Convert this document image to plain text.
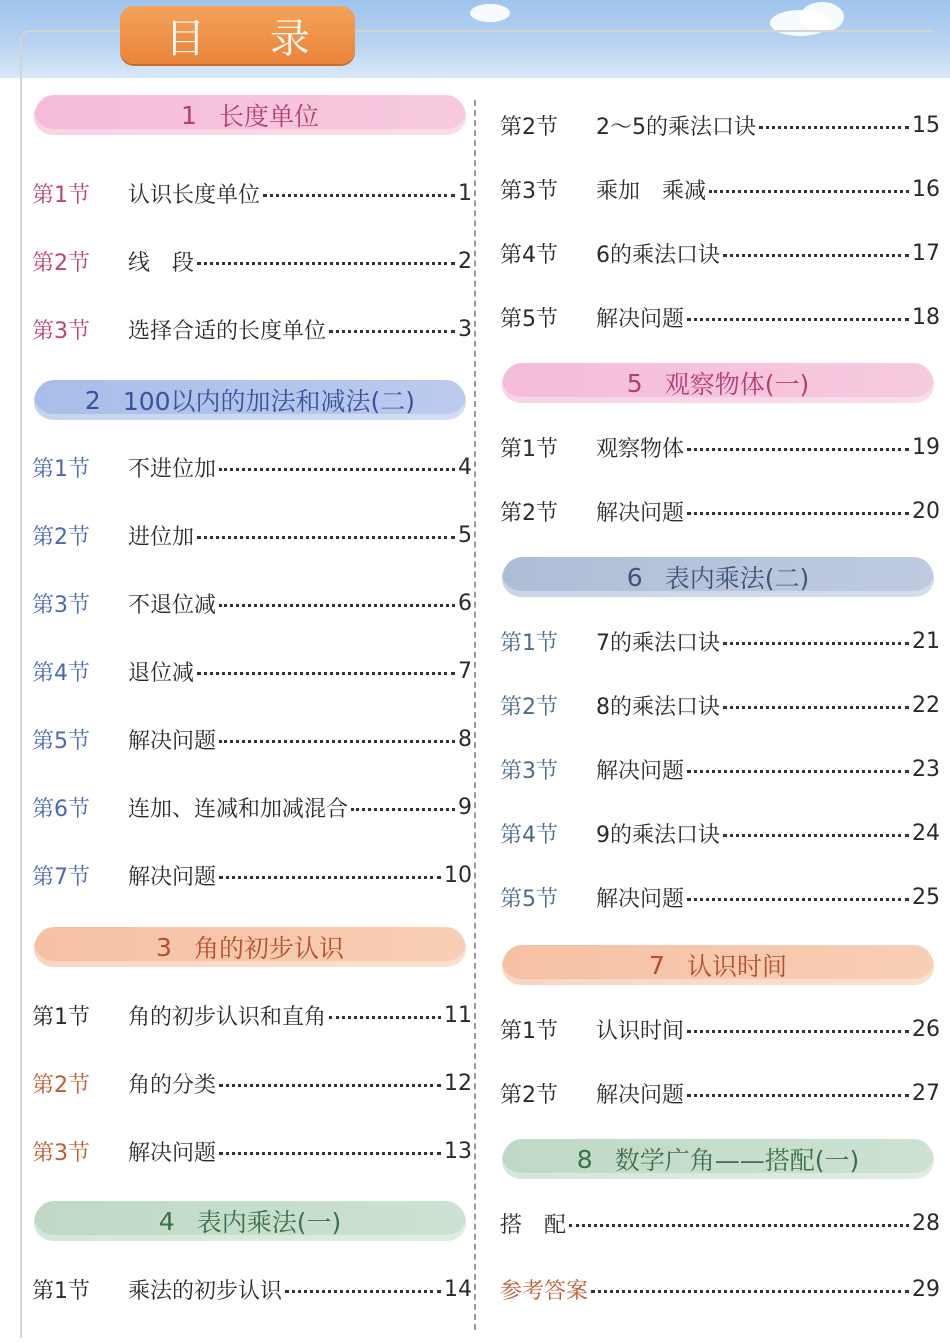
目 录
1 长度单位
第1节	认识长度单位	1
第2节	线　段	2
第3节	选择合适的长度单位	3
2 100以内的加法和减法(二)
第1节	不进位加	4
第2节	进位加	5
第3节	不退位减	6
第4节	退位减	7
第5节	解决问题	8
第6节	连加、连减和加减混合	9
第7节	解决问题	10
3 角的初步认识
第1节	角的初步认识和直角	11
第2节	角的分类	12
第3节	解决问题	13
4 表内乘法(一)
第1节	乘法的初步认识	14
第2节	2～5的乘法口诀	15
第3节	乘加　乘减	16
第4节	6的乘法口诀	17
第5节	解决问题	18
5 观察物体(一)
第1节	观察物体	19
第2节	解决问题	20
6 表内乘法(二)
第1节	7的乘法口诀	21
第2节	8的乘法口诀	22
第3节	解决问题	23
第4节	9的乘法口诀	24
第5节	解决问题	25
7 认识时间
第1节	认识时间	26
第2节	解决问题	27
8 数学广角——搭配(一)
搭　配	28
参考答案	29
